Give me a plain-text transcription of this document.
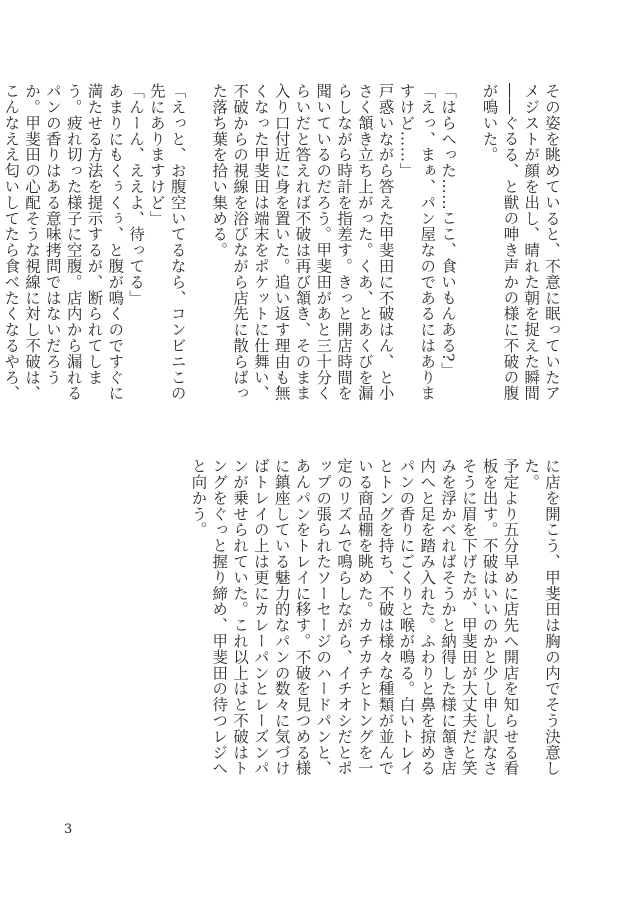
その姿を眺めていると、不意に眠っていたアメジストが顔を出し、晴れた朝を捉えた瞬間――ぐるる、と獣の呻き声かの様に不破の腹が鳴いた。

「はらへった……ここ、食いもんある?」

「えっ、まぁ、パン屋なのであるにはありますけど……」

戸惑いながら答えた甲斐田に不破はん、と小さく頷き立ち上がった。くあ、とあくびを漏らしながら時計を指差す。きっと開店時間を聞いているのだろう。甲斐田があと三十分くらいだと答えれば不破は再び頷き、そのまま入り口付近に身を置いた。追い返す理由も無くなった甲斐田は端末をポケットに仕舞い、不破からの視線を浴びながら店先に散らばった落ち葉を拾い集める。

「えっと、お腹空いてるなら、コンビニこの先にありますけど」

「んーん、ええよ、待ってる」

あまりにもくぅくぅ、と腹が鳴くのですぐに満たせる方法を提示するが、断られてしまう。疲れ切った様子に空腹。店内から漏れるパンの香りはある意味拷問ではないだろうか。甲斐田の心配そうな視線に対し不破は、こんなええ匂いしてたら食べたくなるやろ、

に店を開こう、甲斐田は胸の内でそう決意した。

予定より五分早めに店先へ開店を知らせる看板を出す。不破はいいのかと少し申し訳なさそうに眉を下げたが、甲斐田が大丈夫だと笑みを浮かべればそうかと納得した様に頷き店内へと足を踏み入れた。ふわりと鼻を掠めるパンの香りにごくりと喉が鳴る。白いトレイとトングを持ち、不破は様々な種類が並んでいる商品棚を眺めた。カチカチとトングを一定のリズムで鳴らしながら、イチオシだとポップの張られたソーセージのハードパンと、あんパンをトレイに移す。不破を見つめる様に鎮座している魅力的なパンの数々に気づけばトレイの上は更にカレーパンとレーズンパンが乗せられていた。これ以上はと不破はトングをぐっと握り締め、甲斐田の待つレジへと向かう。

3
